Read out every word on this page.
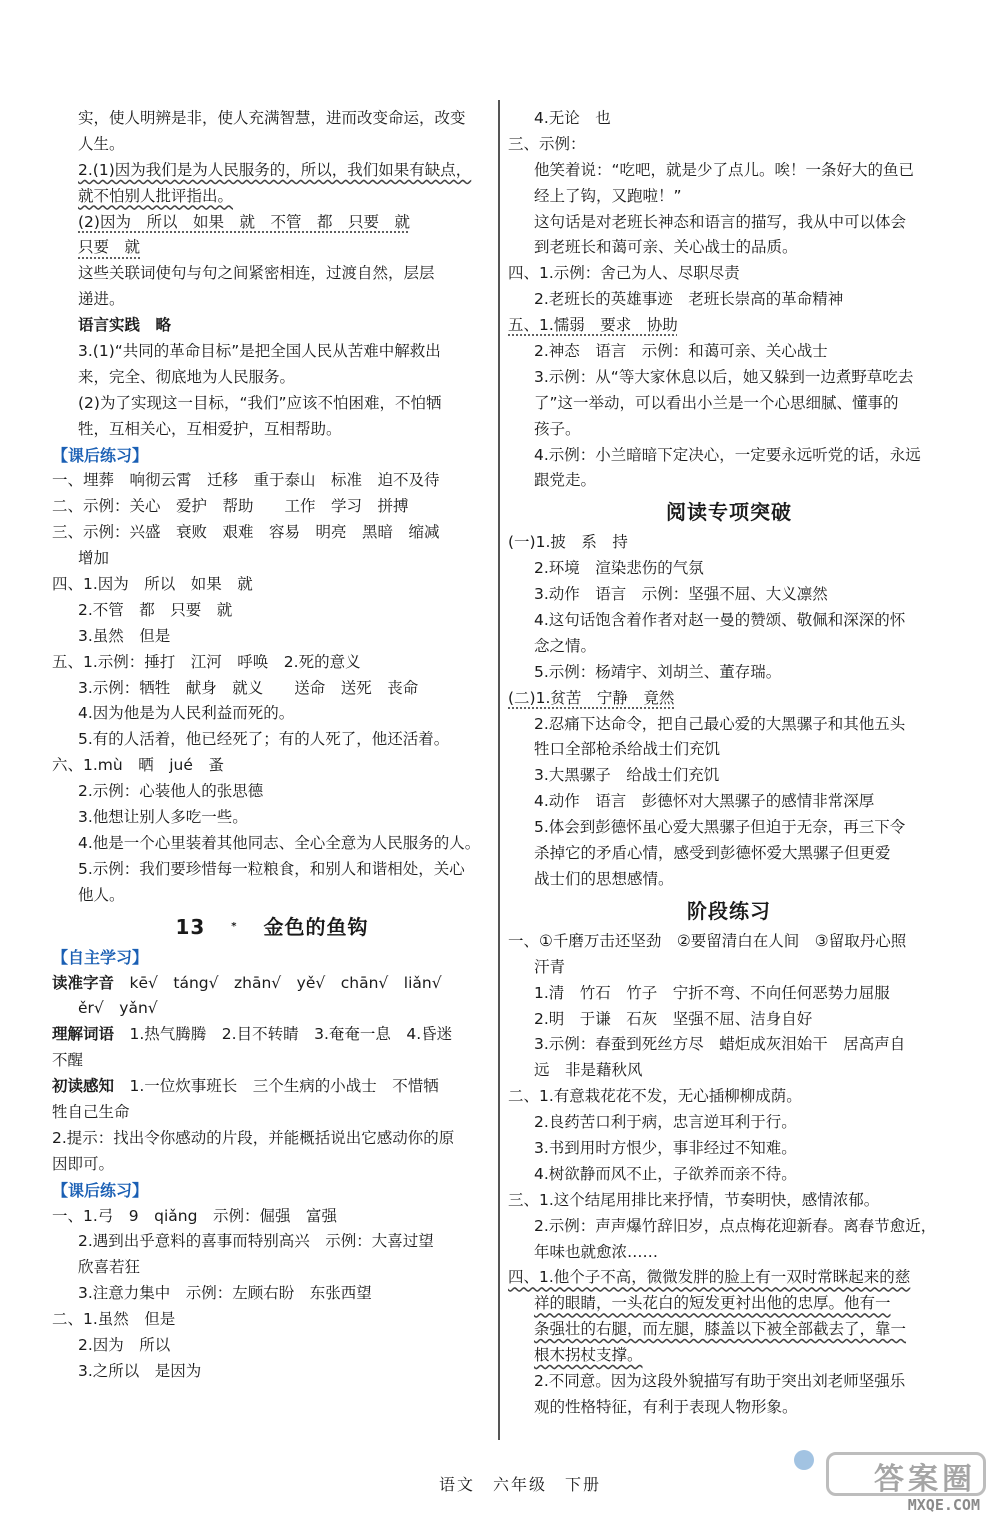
实，使人明辨是非，使人充满智慧，进而改变命运，改变
人生。
2.(1)因为我们是为人民服务的，所以，我们如果有缺点，
就不怕别人批评指出。
(2)因为　所以　如果　就　不管　都　只要　就
只要　就
这些关联词使句与句之间紧密相连，过渡自然，层层
递进。
语言实践　略
3.(1)“共同的革命目标”是把全国人民从苦难中解救出
来，完全、彻底地为人民服务。
(2)为了实现这一目标，“我们”应该不怕困难，不怕牺
牲，互相关心，互相爱护，互相帮助。
【课后练习】
一、埋葬　响彻云霄　迁移　重于泰山　标准　迫不及待
二、示例：关心　爱护　帮助　　工作　学习　拼搏
三、示例：兴盛　衰败　艰难　容易　明亮　黑暗　缩减
增加
四、1.因为　所以　如果　就
2.不管　都　只要　就
3.虽然　但是
五、1.示例：捶打　江河　呼唤　2.死的意义
3.示例：牺牲　献身　就义　　送命　送死　丧命
4.因为他是为人民利益而死的。
5.有的人活着，他已经死了；有的人死了，他还活着。
六、1.mù　晒　jué　蚤
2.示例：心装他人的张思德
3.他想让别人多吃一些。
4.他是一个心里装着其他同志、全心全意为人民服务的人。
5.示例：我们要珍惜每一粒粮食，和别人和谐相处，关心
他人。
13	* 金色的鱼钩
【自主学习】
读准字音　kē√　táng√　zhān√　yě√　chān√　liǎn√
ěr√　yǎn√
理解词语　1.热气腾腾　2.目不转睛　3.奄奄一息　4.昏迷
不醒
初读感知　1.一位炊事班长　三个生病的小战士　不惜牺
牲自己生命
2.提示：找出令你感动的片段，并能概括说出它感动你的原
因即可。
【课后练习】
一、1.弓　9　qiǎng　示例：倔强　富强
2.遇到出乎意料的喜事而特别高兴　示例：大喜过望
欣喜若狂
3.注意力集中　示例：左顾右盼　东张西望
二、1.虽然　但是
2.因为　所以
3.之所以　是因为
4.无论　也
三、示例：
他笑着说：“吃吧，就是少了点儿。唉！一条好大的鱼已
经上了钩，又跑啦！”
这句话是对老班长神态和语言的描写，我从中可以体会
到老班长和蔼可亲、关心战士的品质。
四、1.示例：舍己为人、尽职尽责
2.老班长的英雄事迹　老班长崇高的革命精神
五、1.懦弱　要求　协助
2.神态　语言　示例：和蔼可亲、关心战士
3.示例：从“等大家休息以后，她又躲到一边煮野草吃去
了”这一举动，可以看出小兰是一个心思细腻、懂事的
孩子。
4.示例：小兰暗暗下定决心，一定要永远听党的话，永远
跟党走。
阅读专项突破
(一)1.披　系　持
2.环境　渲染悲伤的气氛
3.动作　语言　示例：坚强不屈、大义凛然
4.这句话饱含着作者对赵一曼的赞颂、敬佩和深深的怀
念之情。
5.示例：杨靖宇、刘胡兰、董存瑞。
(二)1.贫苦　宁静　竟然
2.忍痛下达命令，把自己最心爱的大黑骡子和其他五头
牲口全部枪杀给战士们充饥
3.大黑骡子　给战士们充饥
4.动作　语言　彭德怀对大黑骡子的感情非常深厚
5.体会到彭德怀虽心爱大黑骡子但迫于无奈，再三下令
杀掉它的矛盾心情，感受到彭德怀爱大黑骡子但更爱
战士们的思想感情。
阶段练习
一、①千磨万击还坚劲　②要留清白在人间　③留取丹心照
汗青
1.清　竹石　竹子　宁折不弯、不向任何恶势力屈服
2.明　于谦　石灰　坚强不屈、洁身自好
3.示例：春蚕到死丝方尽　蜡炬成灰泪始干　居高声自
远　非是藉秋风
二、1.有意栽花花不发，无心插柳柳成荫。
2.良药苦口利于病，忠言逆耳利于行。
3.书到用时方恨少，事非经过不知难。
4.树欲静而风不止，子欲养而亲不待。
三、1.这个结尾用排比来抒情，节奏明快，感情浓郁。
2.示例：声声爆竹辞旧岁，点点梅花迎新春。离春节愈近，
年味也就愈浓……
四、1.他个子不高，微微发胖的脸上有一双时常眯起来的慈
祥的眼睛，一头花白的短发更衬出他的忠厚。他有一
条强壮的右腿，而左腿，膝盖以下被全部截去了，靠一
根木拐杖支撑。
2.不同意。因为这段外貌描写有助于突出刘老师坚强乐
观的性格特征，有利于表现人物形象。
语文　六年级　下册	答案圈
MXQE.COM
